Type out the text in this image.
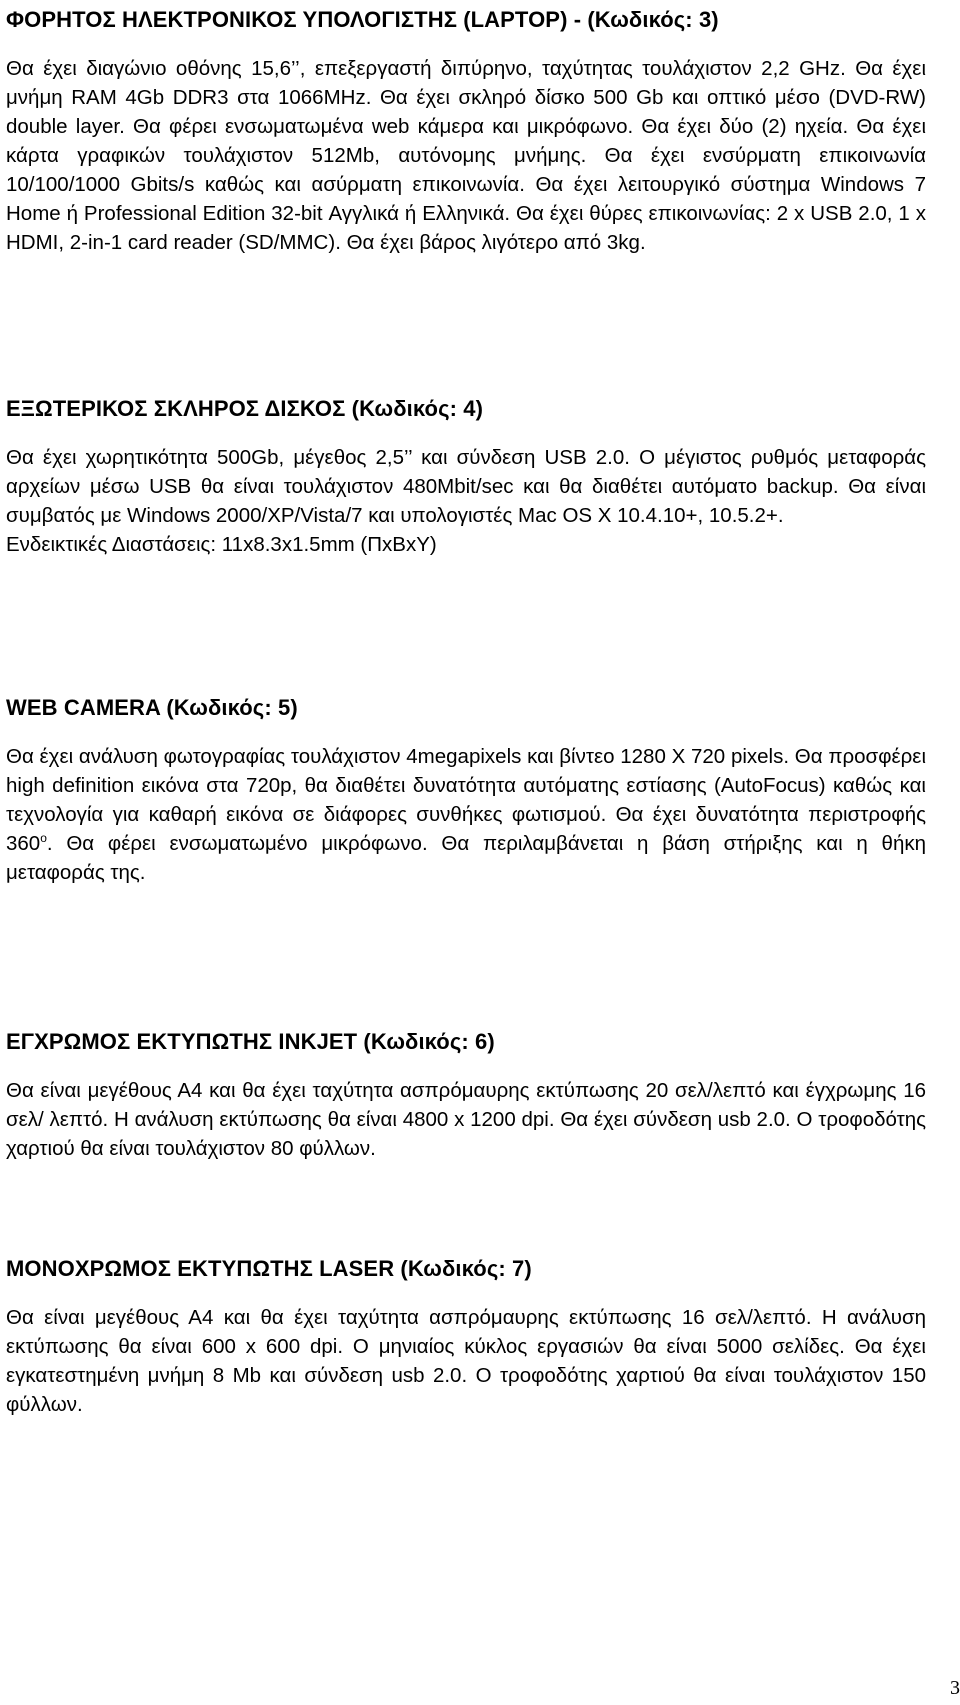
ΦΟΡΗΤΟΣ ΗΛΕΚΤΡΟΝΙΚΟΣ ΥΠΟΛΟΓΙΣΤΗΣ (LAPTOP) - (Κωδικός: 3)

Θα έχει διαγώνιο οθόνης 15,6’’, επεξεργαστή διπύρηνο, ταχύτητας τουλάχιστον 2,2 GHz. Θα έχει μνήμη RAM 4Gb DDR3 στα 1066MHz. Θα έχει σκληρό δίσκο 500 Gb και οπτικό μέσο (DVD-RW) double layer. Θα φέρει ενσωματωμένα web κάμερα και μικρόφωνο. Θα έχει δύο (2) ηχεία. Θα έχει κάρτα γραφικών τουλάχιστον 512Mb, αυτόνομης μνήμης. Θα έχει ενσύρματη επικοινωνία 10/100/1000 Gbits/s καθώς και ασύρματη επικοινωνία. Θα έχει λειτουργικό σύστημα Windows 7 Home ή Professional Edition 32-bit Αγγλικά ή Ελληνικά. Θα έχει θύρες επικοινωνίας: 2 x USB 2.0, 1 x HDMI, 2-in-1 card reader (SD/MMC). Θα έχει βάρος λιγότερο από 3kg.

ΕΞΩΤΕΡΙΚΟΣ ΣΚΛΗΡΟΣ ΔΙΣΚΟΣ (Κωδικός: 4)

Θα έχει χωρητικότητα 500Gb, μέγεθος 2,5’’ και σύνδεση USB 2.0. Ο μέγιστος ρυθμός μεταφοράς αρχείων μέσω USB θα είναι τουλάχιστον 480Mbit/sec και θα διαθέτει αυτόματο backup. Θα είναι συμβατός με Windows 2000/XP/Vista/7 και υπολογιστές Mac OS X 10.4.10+, 10.5.2+.

Ενδεικτικές Διαστάσεις: 11x8.3x1.5mm (ΠxΒxΥ)

WEB CAMERA (Κωδικός: 5)

Θα έχει ανάλυση φωτογραφίας τουλάχιστον 4megapixels και βίντεο 1280 X 720 pixels. Θα προσφέρει high definition εικόνα στα 720p, θα διαθέτει δυνατότητα αυτόματης εστίασης (AutoFocus) καθώς και τεχνολογία για καθαρή εικόνα σε διάφορες συνθήκες φωτισμού. Θα έχει δυνατότητα περιστροφής 360$^o$. Θα φέρει ενσωματωμένο μικρόφωνο. Θα περιλαμβάνεται η βάση στήριξης και η θήκη μεταφοράς της.

ΕΓΧΡΩΜΟΣ ΕΚΤΥΠΩΤΗΣ INKJET (Κωδικός: 6)

Θα είναι μεγέθους Α4 και θα έχει ταχύτητα ασπρόμαυρης εκτύπωσης 20 σελ/λεπτό και έγχρωμης 16 σελ/ λεπτό. Η ανάλυση εκτύπωσης θα είναι 4800 x 1200 dpi. Θα έχει σύνδεση usb 2.0. Ο τροφοδότης χαρτιού θα είναι τουλάχιστον 80 φύλλων.

ΜΟΝΟΧΡΩΜΟΣ ΕΚΤΥΠΩΤΗΣ LASER (Κωδικός: 7)

Θα είναι μεγέθους Α4 και θα έχει ταχύτητα ασπρόμαυρης εκτύπωσης 16 σελ/λεπτό. Η ανάλυση εκτύπωσης θα είναι 600 x 600 dpi. Ο μηνιαίος κύκλος εργασιών θα είναι 5000 σελίδες. Θα έχει εγκατεστημένη μνήμη 8 Mb και σύνδεση usb 2.0. Ο τροφοδότης χαρτιού θα είναι τουλάχιστον 150 φύλλων.

3
